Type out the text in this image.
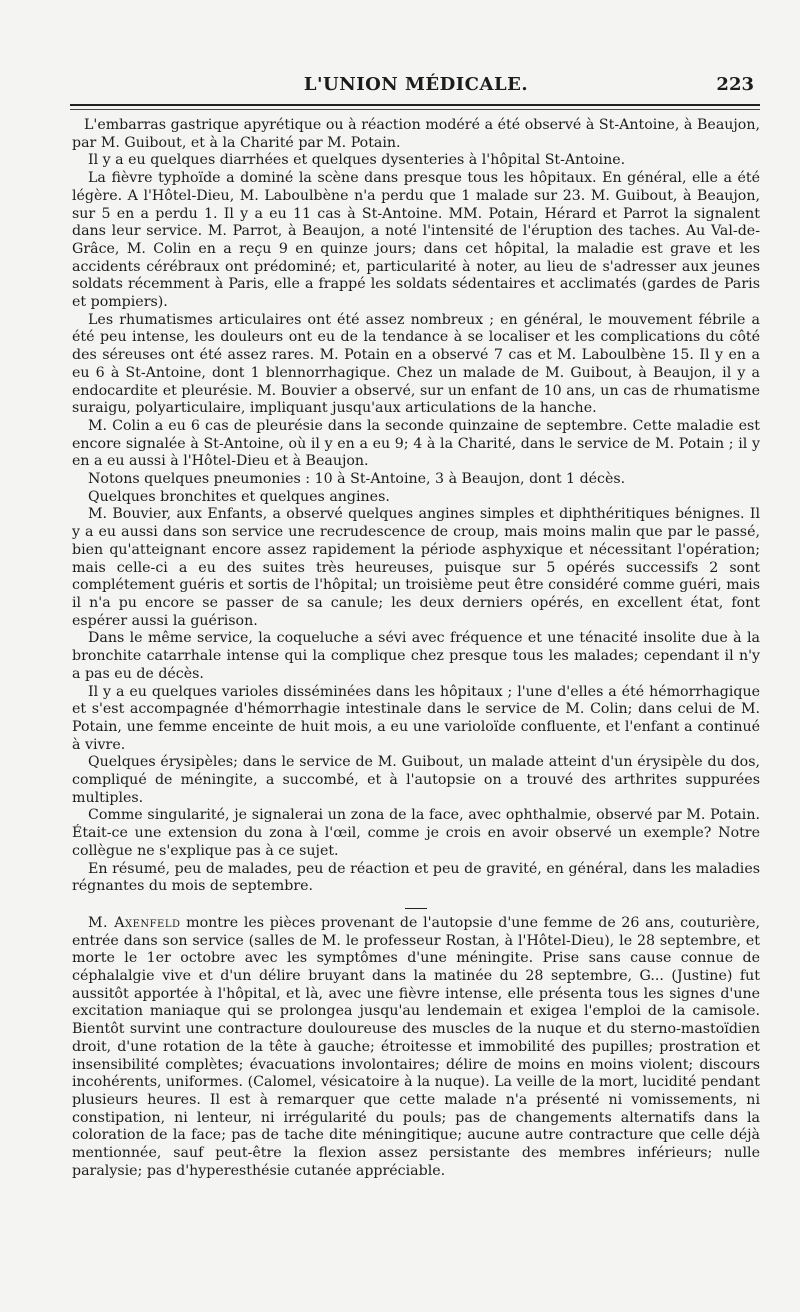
L'UNION MÉDICALE.	223

L'embarras gastrique apyrétique ou à réaction modéré a été observé à St-Antoine, à Beaujon, par M. Guibout, et à la Charité par M. Potain.

Il y a eu quelques diarrhées et quelques dysenteries à l'hôpital St-Antoine.

La fièvre typhoïde a dominé la scène dans presque tous les hôpitaux. En général, elle a été légère. A l'Hôtel-Dieu, M. Laboulbène n'a perdu que 1 malade sur 23. M. Guibout, à Beaujon, sur 5 en a perdu 1. Il y a eu 11 cas à St-Antoine. MM. Potain, Hérard et Parrot la signalent dans leur service. M. Parrot, à Beaujon, a noté l'intensité de l'éruption des taches. Au Val-de-Grâce, M. Colin en a reçu 9 en quinze jours; dans cet hôpital, la maladie est grave et les accidents cérébraux ont prédominé; et, particularité à noter, au lieu de s'adresser aux jeunes soldats récemment à Paris, elle a frappé les soldats sédentaires et acclimatés (gardes de Paris et pompiers).

Les rhumatismes articulaires ont été assez nombreux ; en général, le mouvement fébrile a été peu intense, les douleurs ont eu de la tendance à se localiser et les complications du côté des séreuses ont été assez rares. M. Potain en a observé 7 cas et M. Laboulbène 15. Il y en a eu 6 à St-Antoine, dont 1 blennorrhagique. Chez un malade de M. Guibout, à Beaujon, il y a endocardite et pleurésie. M. Bouvier a observé, sur un enfant de 10 ans, un cas de rhumatisme suraigu, polyarticulaire, impliquant jusqu'aux articulations de la hanche.

M. Colin a eu 6 cas de pleurésie dans la seconde quinzaine de septembre. Cette maladie est encore signalée à St-Antoine, où il y en a eu 9; 4 à la Charité, dans le service de M. Potain ; il y en a eu aussi à l'Hôtel-Dieu et à Beaujon.

Notons quelques pneumonies : 10 à St-Antoine, 3 à Beaujon, dont 1 décès.

Quelques bronchites et quelques angines.

M. Bouvier, aux Enfants, a observé quelques angines simples et diphthéritiques bénignes. Il y a eu aussi dans son service une recrudescence de croup, mais moins malin que par le passé, bien qu'atteignant encore assez rapidement la période asphyxique et nécessitant l'opération; mais celle-ci a eu des suites très heureuses, puisque sur 5 opérés successifs 2 sont complétement guéris et sortis de l'hôpital; un troisième peut être considéré comme guéri, mais il n'a pu encore se passer de sa canule; les deux derniers opérés, en excellent état, font espérer aussi la guérison.

Dans le même service, la coqueluche a sévi avec fréquence et une ténacité insolite due à la bronchite catarrhale intense qui la complique chez presque tous les malades; cependant il n'y a pas eu de décès.

Il y a eu quelques varioles disséminées dans les hôpitaux ; l'une d'elles a été hémorrhagique et s'est accompagnée d'hémorrhagie intestinale dans le service de M. Colin; dans celui de M. Potain, une femme enceinte de huit mois, a eu une varioloïde confluente, et l'enfant a continué à vivre.

Quelques érysipèles; dans le service de M. Guibout, un malade atteint d'un érysipèle du dos, compliqué de méningite, a succombé, et à l'autopsie on a trouvé des arthrites suppurées multiples.

Comme singularité, je signalerai un zona de la face, avec ophthalmie, observé par M. Potain. Était-ce une extension du zona à l'œil, comme je crois en avoir observé un exemple? Notre collègue ne s'explique pas à ce sujet.

En résumé, peu de malades, peu de réaction et peu de gravité, en général, dans les maladies régnantes du mois de septembre.

M. Axenfeld montre les pièces provenant de l'autopsie d'une femme de 26 ans, couturière, entrée dans son service (salles de M. le professeur Rostan, à l'Hôtel-Dieu), le 28 septembre, et morte le 1er octobre avec les symptômes d'une méningite. Prise sans cause connue de céphalalgie vive et d'un délire bruyant dans la matinée du 28 septembre, G... (Justine) fut aussitôt apportée à l'hôpital, et là, avec une fièvre intense, elle présenta tous les signes d'une excitation maniaque qui se prolongea jusqu'au lendemain et exigea l'emploi de la camisole. Bientôt survint une contracture douloureuse des muscles de la nuque et du sterno-mastoïdien droit, d'une rotation de la tête à gauche; étroitesse et immobilité des pupilles; prostration et insensibilité complètes; évacuations involontaires; délire de moins en moins violent; discours incohérents, uniformes. (Calomel, vésicatoire à la nuque). La veille de la mort, lucidité pendant plusieurs heures. Il est à remarquer que cette malade n'a présenté ni vomissements, ni constipation, ni lenteur, ni irrégularité du pouls; pas de changements alternatifs dans la coloration de la face; pas de tache dite méningitique; aucune autre contracture que celle déjà mentionnée, sauf peut-être la flexion assez persistante des membres inférieurs; nulle paralysie; pas d'hyperesthésie cutanée appréciable.
